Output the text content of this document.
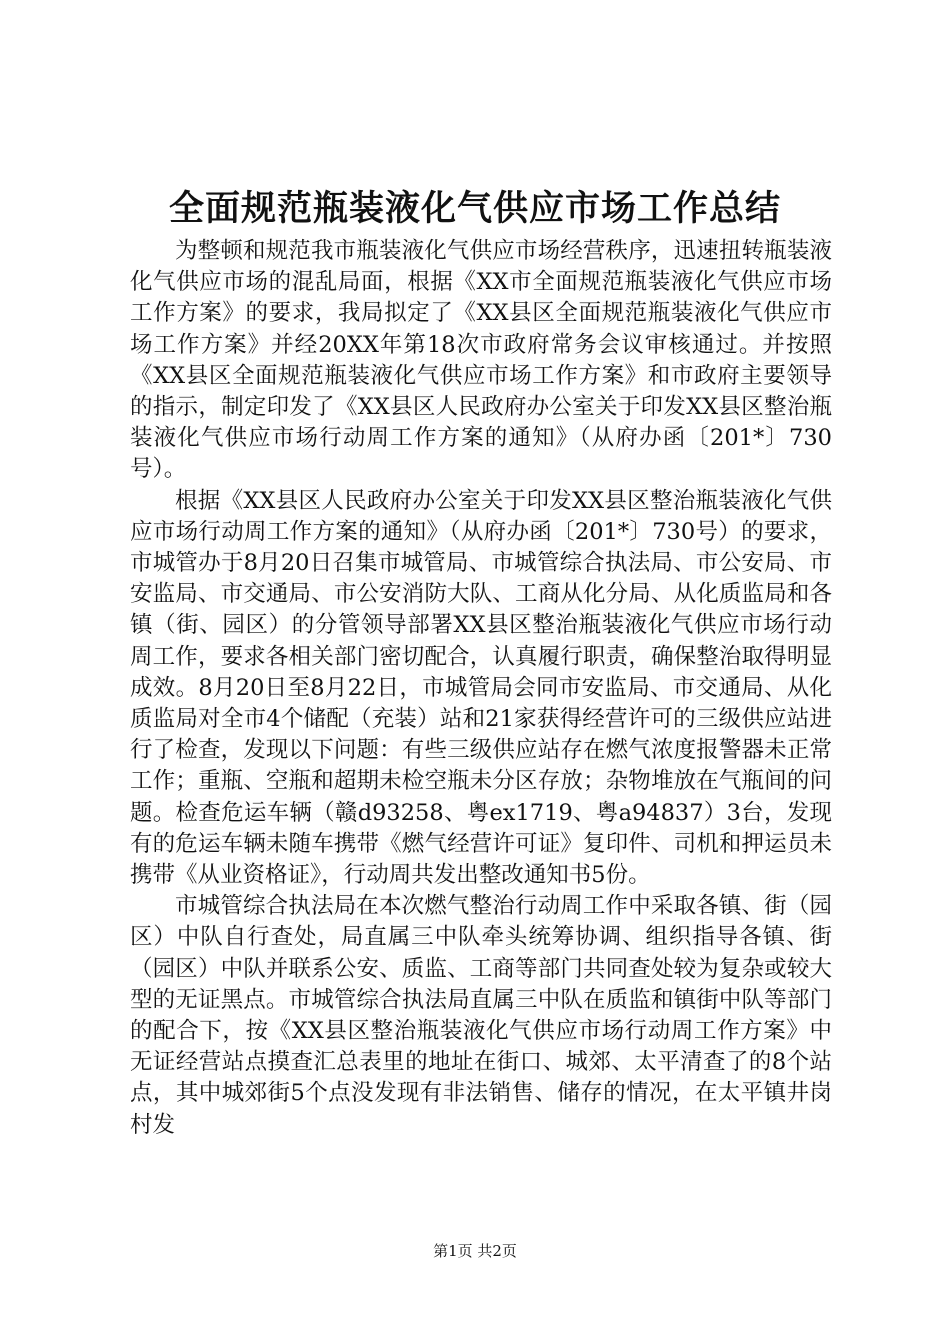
全面规范瓶装液化气供应市场工作总结

为整顿和规范我市瓶装液化气供应市场经营秩序，迅速扭转瓶装液化气供应市场的混乱局面，根据《XX市全面规范瓶装液化气供应市场工作方案》的要求，我局拟定了《XX县区全面规范瓶装液化气供应市场工作方案》并经20XX年第18次市政府常务会议审核通过。并按照《XX县区全面规范瓶装液化气供应市场工作方案》和市政府主要领导的指示，制定印发了《XX县区人民政府办公室关于印发XX县区整治瓶装液化气供应市场行动周工作方案的通知》（从府办函〔201*〕730号）。

根据《XX县区人民政府办公室关于印发XX县区整治瓶装液化气供应市场行动周工作方案的通知》（从府办函〔201*〕730号）的要求，市城管办于8月20日召集市城管局、市城管综合执法局、市公安局、市安监局、市交通局、市公安消防大队、工商从化分局、从化质监局和各镇（街、园区）的分管领导部署XX县区整治瓶装液化气供应市场行动周工作，要求各相关部门密切配合，认真履行职责，确保整治取得明显成效。8月20日至8月22日，市城管局会同市安监局、市交通局、从化质监局对全市4个储配（充装）站和21家获得经营许可的三级供应站进行了检查，发现以下问题：有些三级供应站存在燃气浓度报警器未正常工作；重瓶、空瓶和超期未检空瓶未分区存放；杂物堆放在气瓶间的问题。检查危运车辆（赣d93258、粤ex1719、粤a94837）3台，发现有的危运车辆未随车携带《燃气经营许可证》复印件、司机和押运员未携带《从业资格证》，行动周共发出整改通知书5份。

市城管综合执法局在本次燃气整治行动周工作中采取各镇、街（园区）中队自行查处，局直属三中队牵头统筹协调、组织指导各镇、街（园区）中队并联系公安、质监、工商等部门共同查处较为复杂或较大型的无证黑点。市城管综合执法局直属三中队在质监和镇街中队等部门的配合下，按《XX县区整治瓶装液化气供应市场行动周工作方案》中无证经营站点摸查汇总表里的地址在街口、城郊、太平清查了的8个站点，其中城郊街5个点没发现有非法销售、储存的情况，在太平镇井岗村发

第1页 共2页
